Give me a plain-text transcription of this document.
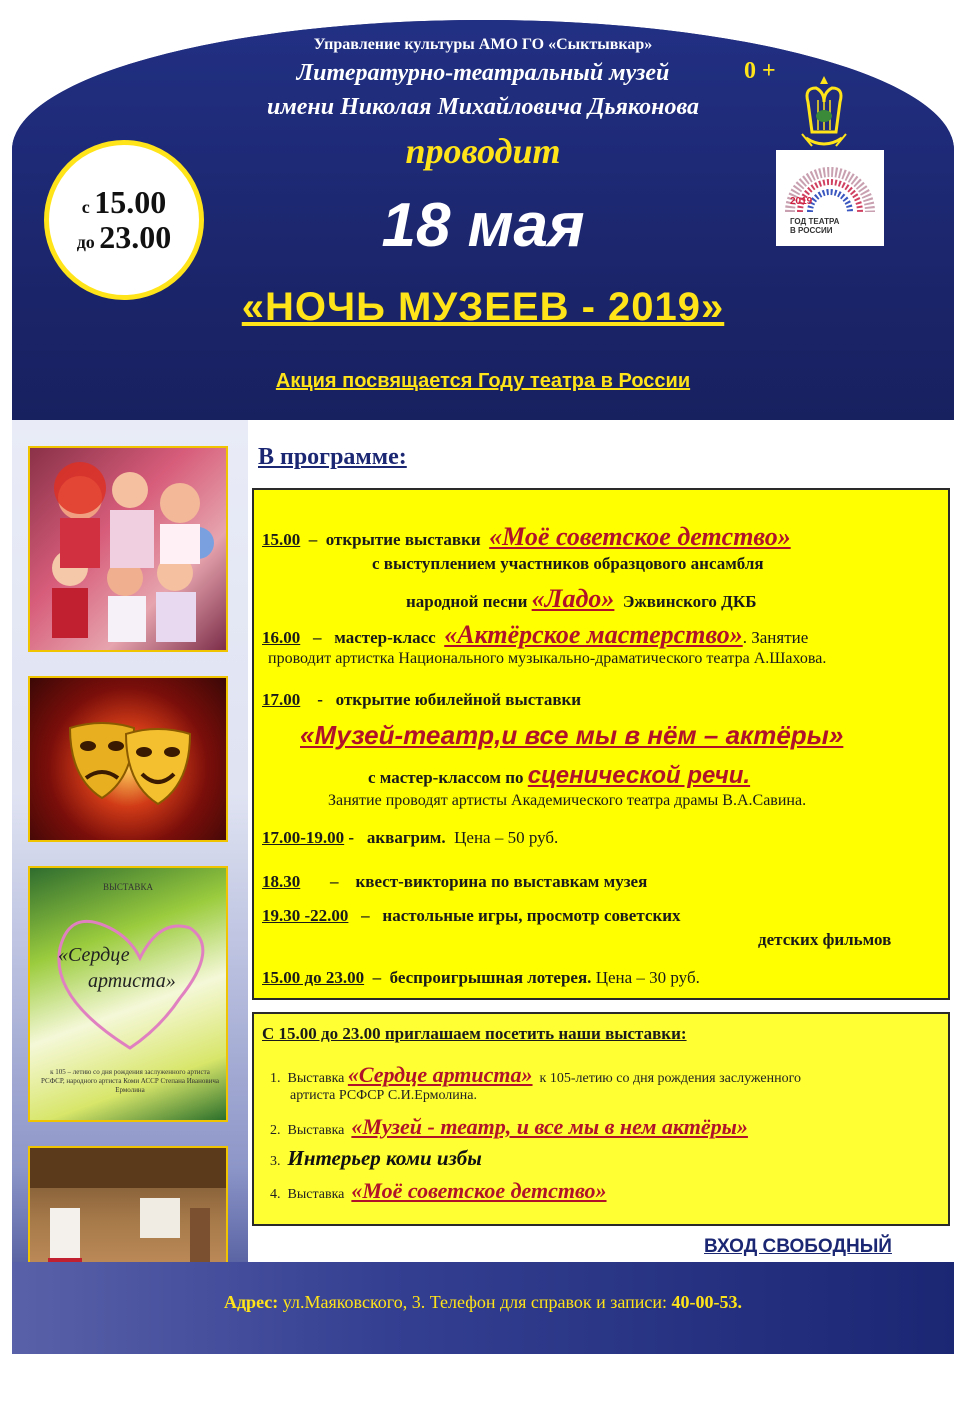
Управление культуры АМО ГО «Сыктывкар»
Литературно-театральный музей	0 +
имени Николая Михайловича Дьяконова
проводит
18 мая
«НОЧЬ МУЗЕЕВ - 2019»
Акция посвящается Году театра в России
с 15.00
до 23.00
2019
ГОД ТЕАТРА
В РОССИИ
ВЫСТАВКА
«Сердце
артиста»
к 105 – летию со дня рождения заслуженного артиста РСФСР, народного артиста Коми АССР Степана Ивановича Ермолина
В программе:
15.00 – открытие выставки «Моё советское детство»
с выступлением участников образцового ансамбля
народной песни «Ладо» Эжвинского ДКБ
16.00 – мастер-класс «Актёрское мастерство». Занятие
проводит артистка Национального музыкально-драматического театра А.Шахова.
17.00 - открытие юбилейной выставки
«Музей-театр,и все мы в нём – актёры»
с мастер-классом по сценической речи.
Занятие проводят артисты Академического театра драмы В.А.Савина.
17.00-19.00 - аквагрим. Цена – 50 руб.
18.30 – квест-викторина по выставкам музея
19.30 -22.00 – настольные игры, просмотр советских
детских фильмов
15.00 до 23.00 – беспроигрышная лотерея. Цена – 30 руб.
С 15.00 до 23.00 приглашаем посетить наши выставки:
1. Выставка «Сердце артиста» к 105-летию со дня рождения заслуженного
артиста РСФСР С.И.Ермолина.
2. Выставка «Музей - театр, и все мы в нем актёры»
3. Интерьер коми избы
4. Выставка «Моё советское детство»
ВХОД СВОБОДНЫЙ
Адрес: ул.Маяковского, 3. Телефон для справок и записи: 40-00-53.
